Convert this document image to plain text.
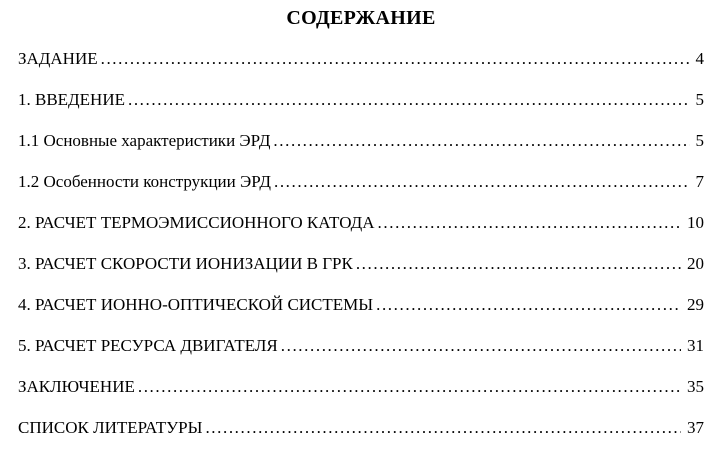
СОДЕРЖАНИЕ
ЗАДАНИЕ .....	4
1. ВВЕДЕНИЕ .....	5
1.1 Основные характеристики ЭРД .....	5
1.2 Особенности конструкции ЭРД .....	7
2. РАСЧЕТ ТЕРМОЭМИССИОННОГО КАТОДА .....	10
3. РАСЧЕТ СКОРОСТИ ИОНИЗАЦИИ В ГРК .....	20
4. РАСЧЕТ ИОННО-ОПТИЧЕСКОЙ СИСТЕМЫ .....	29
5. РАСЧЕТ РЕСУРСА ДВИГАТЕЛЯ .....	31
ЗАКЛЮЧЕНИЕ .....	35
СПИСОК ЛИТЕРАТУРЫ .....	37
